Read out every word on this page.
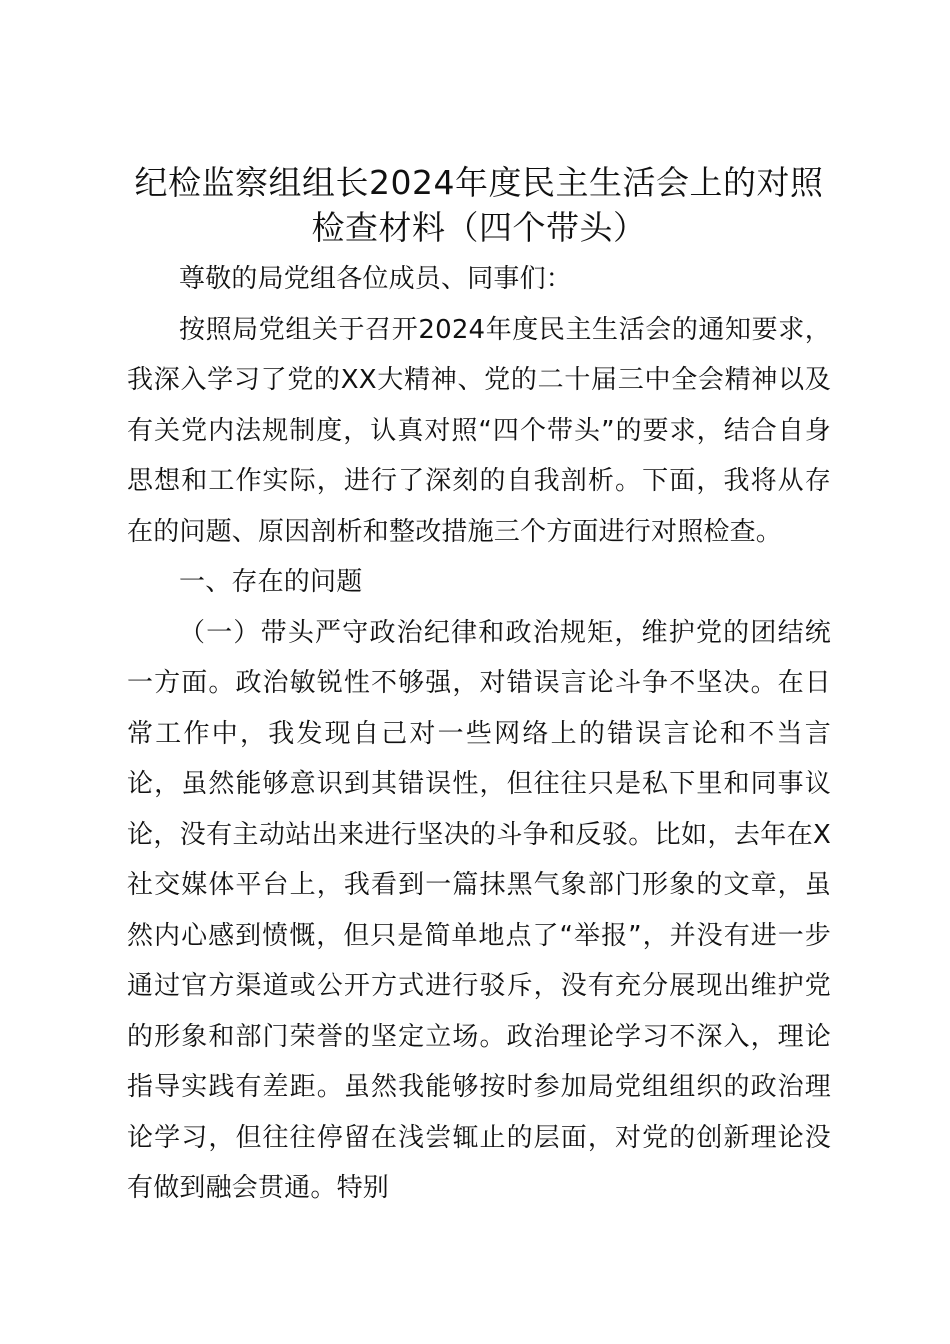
纪检监察组组长2024年度民主生活会上的对照检查材料（四个带头）

尊敬的局党组各位成员、同事们：

按照局党组关于召开2024年度民主生活会的通知要求，我深入学习了党的XX大精神、党的二十届三中全会精神以及有关党内法规制度，认真对照“四个带头”的要求，结合自身思想和工作实际，进行了深刻的自我剖析。下面，我将从存在的问题、原因剖析和整改措施三个方面进行对照检查。

一、存在的问题

（一）带头严守政治纪律和政治规矩，维护党的团结统一方面。政治敏锐性不够强，对错误言论斗争不坚决。在日常工作中，我发现自己对一些网络上的错误言论和不当言论，虽然能够意识到其错误性，但往往只是私下里和同事议论，没有主动站出来进行坚决的斗争和反驳。比如，去年在X社交媒体平台上，我看到一篇抹黑气象部门形象的文章，虽然内心感到愤慨，但只是简单地点了“举报”，并没有进一步通过官方渠道或公开方式进行驳斥，没有充分展现出维护党的形象和部门荣誉的坚定立场。政治理论学习不深入，理论指导实践有差距。虽然我能够按时参加局党组组织的政治理论学习，但往往停留在浅尝辄止的层面，对党的创新理论没有做到融会贯通。特别
